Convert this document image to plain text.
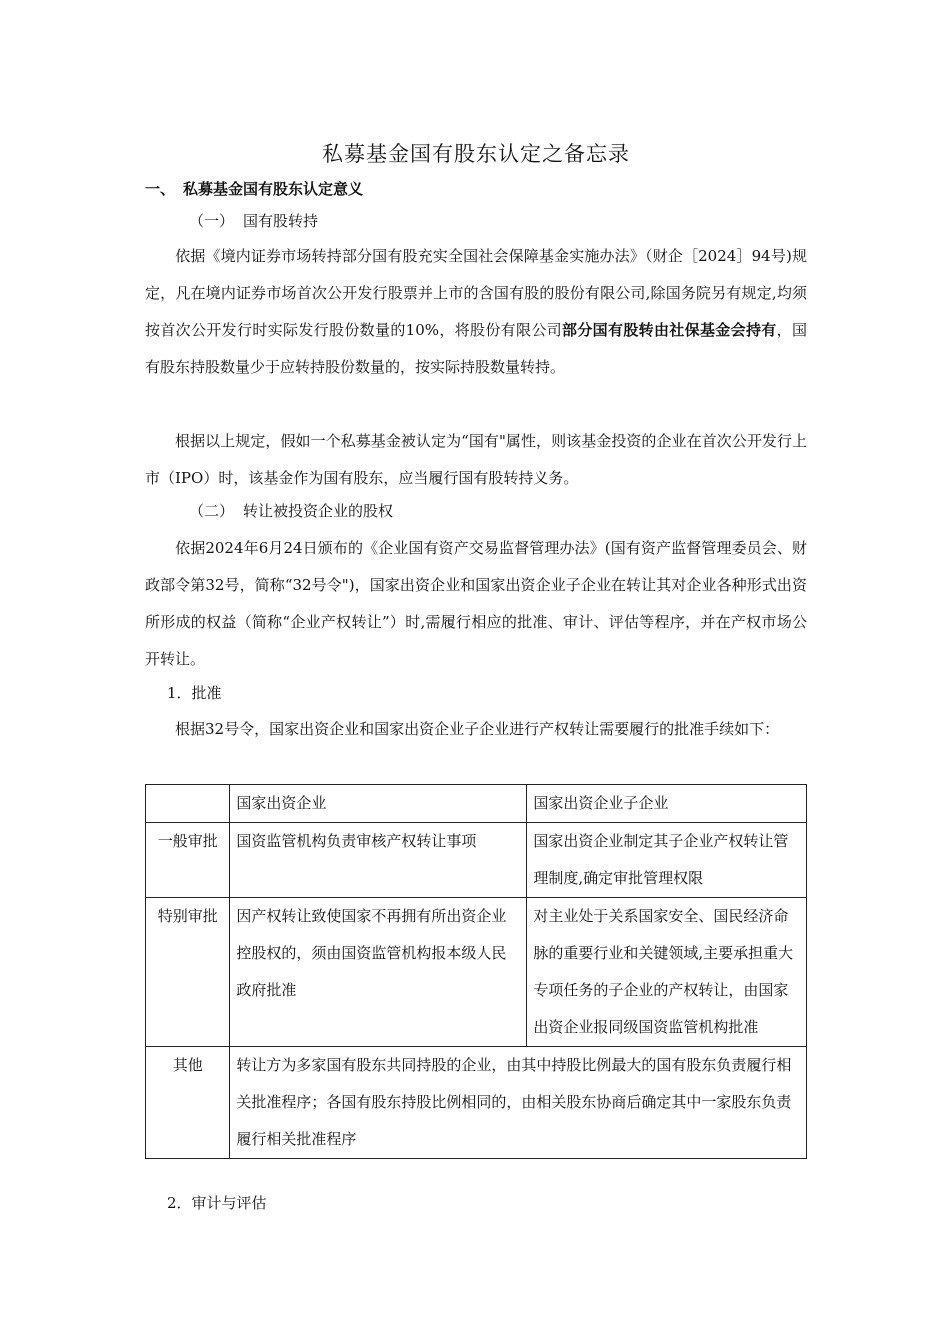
私募基金国有股东认定之备忘录
一、 私募基金国有股东认定意义
（一） 国有股转持
依据《境内证券市场转持部分国有股充实全国社会保障基金实施办法》（财企［2024］94号)规定，凡在境内证券市场首次公开发行股票并上市的含国有股的股份有限公司,除国务院另有规定,均须按首次公开发行时实际发行股份数量的10%，将股份有限公司部分国有股转由社保基金会持有，国有股东持股数量少于应转持股份数量的，按实际持股数量转持。
根据以上规定，假如一个私募基金被认定为“国有"属性，则该基金投资的企业在首次公开发行上市（IPO）时，该基金作为国有股东，应当履行国有股转持义务。
（二） 转让被投资企业的股权
依据2024年6月24日颁布的《企业国有资产交易监督管理办法》(国有资产监督管理委员会、财政部令第32号，简称“32号令")，国家出资企业和国家出资企业子企业在转让其对企业各种形式出资所形成的权益（简称“企业产权转让”）时,需履行相应的批准、审计、评估等程序，并在产权市场公开转让。
1．批准
根据32号令，国家出资企业和国家出资企业子企业进行产权转让需要履行的批准手续如下：
	国家出资企业	国家出资企业子企业
一般审批	国资监管机构负责审核产权转让事项	国家出资企业制定其子企业产权转让管理制度,确定审批管理权限
特别审批	因产权转让致使国家不再拥有所出资企业控股权的，须由国资监管机构报本级人民政府批准	对主业处于关系国家安全、国民经济命脉的重要行业和关键领域,主要承担重大专项任务的子企业的产权转让，由国家出资企业报同级国资监管机构批准
其他	转让方为多家国有股东共同持股的企业，由其中持股比例最大的国有股东负责履行相关批准程序；各国有股东持股比例相同的，由相关股东协商后确定其中一家股东负责履行相关批准程序	
2．审计与评估
